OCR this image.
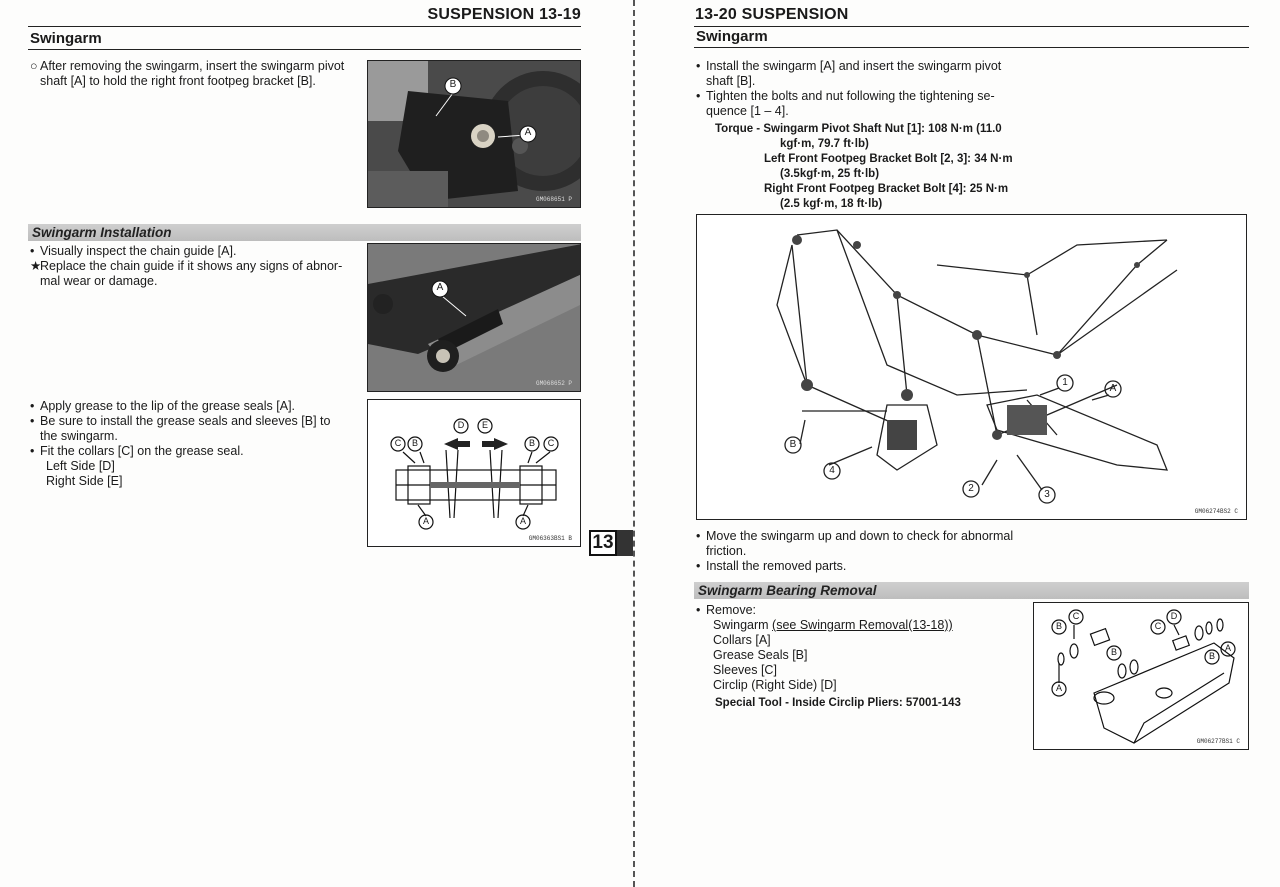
SUSPENSION 13-19
Swingarm
○ After removing the swingarm, insert the swingarm pivot
shaft [A] to hold the right front footpeg bracket [B].	B
A
GM068651 P
Swingarm Installation
• Visually inspect the chain guide [A].
★
Replace the chain guide if it shows any signs of abnor-
mal wear or damage.	A
GM068652 P
• Apply grease to the lip of the grease seals [A].
• Be sure to install the grease seals and sleeves [B] to
the swingarm.
• Fit the collars [C] on the grease seal.
Left Side [D]
Right Side [E]
C B
D E
B C
A	A
GM06363BS1 B 13
13-20 SUSPENSION
Swingarm
• Install the swingarm [A] and insert the swingarm pivot
shaft [B].
• Tighten the bolts and nut following the tightening se-
quence [1 – 4].
Torque - Swingarm Pivot Shaft Nut [1]: 108 N·m (11.0
kgf·m, 79.7 ft·lb)
Left Front Footpeg Bracket Bolt [2, 3]: 34 N·m
(3.5kgf·m, 25 ft·lb)
Right Front Footpeg Bracket Bolt [4]: 25 N·m
(2.5 kgf·m, 18 ft·lb)
1
A
B
4
2
3
GM06274BS2 C
• Move the swingarm up and down to check for abnormal
friction.
• Install the removed parts.
Swingarm Bearing Removal
• Remove:
Swingarm (see Swingarm Removal(13-18))
Collars [A]
Grease Seals [B]
Sleeves [C]
Circlip (Right Side) [D]
Special Tool - Inside Circlip Pliers: 57001-143
B
C
C
D
B
A
A
B
GM06277BS1 C
